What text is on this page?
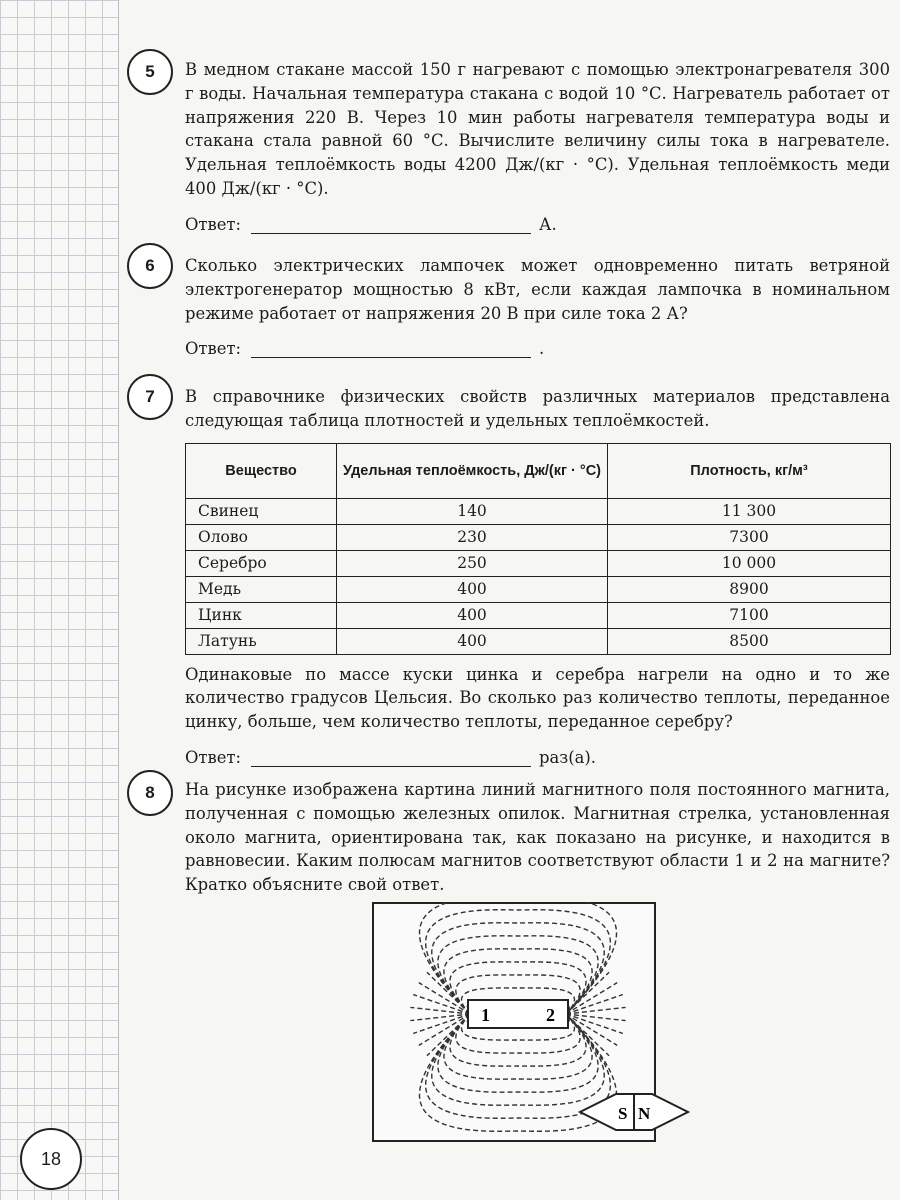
5	В медном стакане массой 150 г нагревают с помощью электронагревателя 300 г воды. Начальная температура стакана с водой 10 °С. Нагреватель работает от напряжения 220 В. Через 10 мин работы нагревателя температура воды и стакана стала равной 60 °С. Вычислите величину силы тока в нагревателе. Удельная теплоёмкость воды 4200 Дж/(кг · °С). Удельная теплоёмкость меди 400 Дж/(кг · °С).

Ответ:	А.
6	Сколько электрических лампочек может одновременно питать ветряной электрогенератор мощностью 8 кВт, если каждая лампочка в номинальном режиме работает от напряжения 20 В при силе тока 2 А?

Ответ:	.
7	В справочнике физических свойств различных материалов представлена следующая таблица плотностей и удельных теплоёмкостей.

Вещество	Удельная теплоёмкость, Дж/(кг · °С)	Плотность, кг/м³
Свинец	140	11 300
Олово	230	7300
Серебро	250	10 000
Медь	400	8900
Цинк	400	7100
Латунь	400	8500

Одинаковые по массе куски цинка и серебра нагрели на одно и то же количество градусов Цельсия. Во сколько раз количество теплоты, переданное цинку, больше, чем количество теплоты, переданное серебру?

Ответ:	раз(а).
8	На рисунке изображена картина линий магнитного поля постоянного магнита, полученная с помощью железных опилок. Магнитная стрелка, установленная около магнита, ориентирована так, как показано на рисунке, и находится в равновесии. Каким полюсам магнитов соответствуют области 1 и 2 на магните? Кратко объясните свой ответ.

1	2
S N
18
